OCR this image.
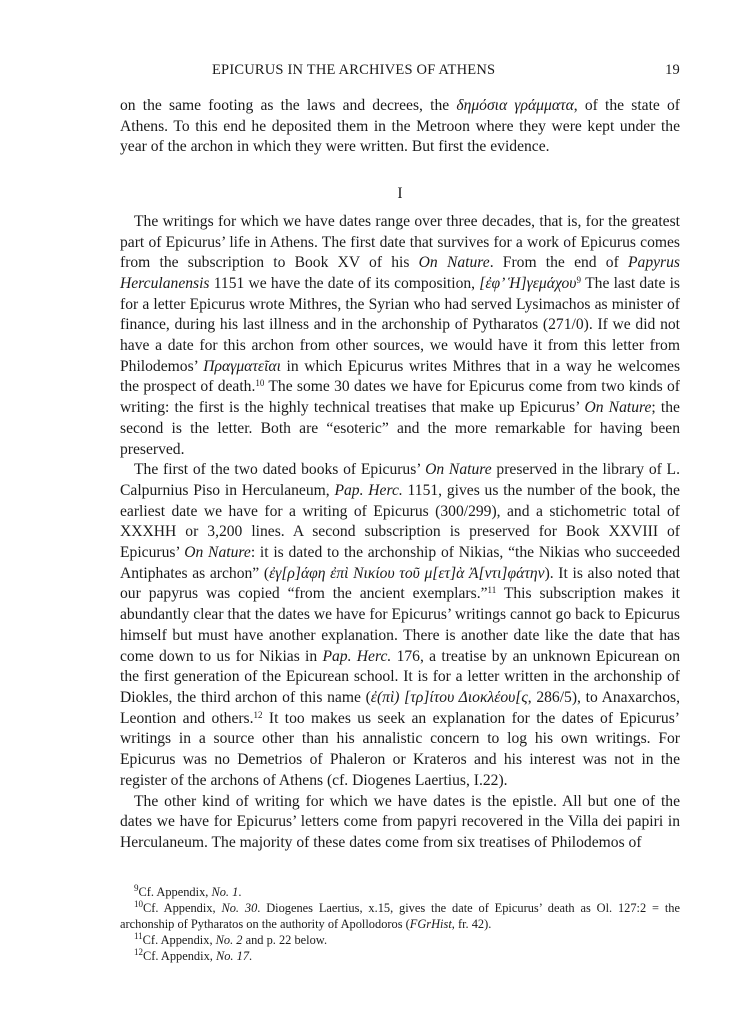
EPICURUS IN THE ARCHIVES OF ATHENS	19

on the same footing as the laws and decrees, the δημόσια γράμματα, of the state of Athens. To this end he deposited them in the Metroon where they were kept under the year of the archon in which they were written. But first the evidence.

I

The writings for which we have dates range over three decades, that is, for the greatest part of Epicurus’ life in Athens. The first date that survives for a work of Epicurus comes from the subscription to Book XV of his On Nature. From the end of Papyrus Herculanensis 1151 we have the date of its composition, [ἐφ’ Ἡ]γεμάχου$^9$ The last date is for a letter Epicurus wrote Mithres, the Syrian who had served Lysimachos as minister of finance, during his last illness and in the archonship of Pytharatos (271/0). If we did not have a date for this archon from other sources, we would have it from this letter from Philodemos’ Πραγματεῖαι in which Epicurus writes Mithres that in a way he welcomes the prospect of death.$^{10}$ The some 30 dates we have for Epicurus come from two kinds of writing: the first is the highly technical treatises that make up Epicurus’ On Nature; the second is the letter. Both are “esoteric” and the more remarkable for having been preserved.

The first of the two dated books of Epicurus’ On Nature preserved in the library of L. Calpurnius Piso in Herculaneum, Pap. Herc. 1151, gives us the number of the book, the earliest date we have for a writing of Epicurus (300/299), and a stichometric total of XXXHH or 3,200 lines. A second subscription is preserved for Book XXVIII of Epicurus’ On Nature: it is dated to the archonship of Nikias, “the Nikias who succeeded Antiphates as archon” (ἐγ[ρ]άφη ἐπὶ Νικίου τοῦ μ[ετ]ὰ Ἀ[ντι]φάτην). It is also noted that our papyrus was copied “from the ancient exemplars.”$^{11}$ This subscription makes it abundantly clear that the dates we have for Epicurus’ writings cannot go back to Epicurus himself but must have another explanation. There is another date like the date that has come down to us for Nikias in Pap. Herc. 176, a treatise by an unknown Epicurean on the first generation of the Epicurean school. It is for a letter written in the archonship of Diokles, the third archon of this name (ἐ(πὶ) [τρ]ίτου Διοκλέου[ς, 286/5), to Anaxarchos, Leontion and others.$^{12}$ It too makes us seek an explanation for the dates of Epicurus’ writings in a source other than his annalistic concern to log his own writings. For Epicurus was no Demetrios of Phaleron or Krateros and his interest was not in the register of the archons of Athens (cf. Diogenes Laertius, I.22).

The other kind of writing for which we have dates is the epistle. All but one of the dates we have for Epicurus’ letters come from papyri recovered in the Villa dei papiri in Herculaneum. The majority of these dates come from six treatises of Philodemos of

$^9$Cf. Appendix, No. 1.

$^{10}$Cf. Appendix, No. 30. Diogenes Laertius, x.15, gives the date of Epicurus’ death as Ol. 127:2 = the archonship of Pytharatos on the authority of Apollodoros (FGrHist, fr. 42).

$^{11}$Cf. Appendix, No. 2 and p. 22 below.

$^{12}$Cf. Appendix, No. 17.
